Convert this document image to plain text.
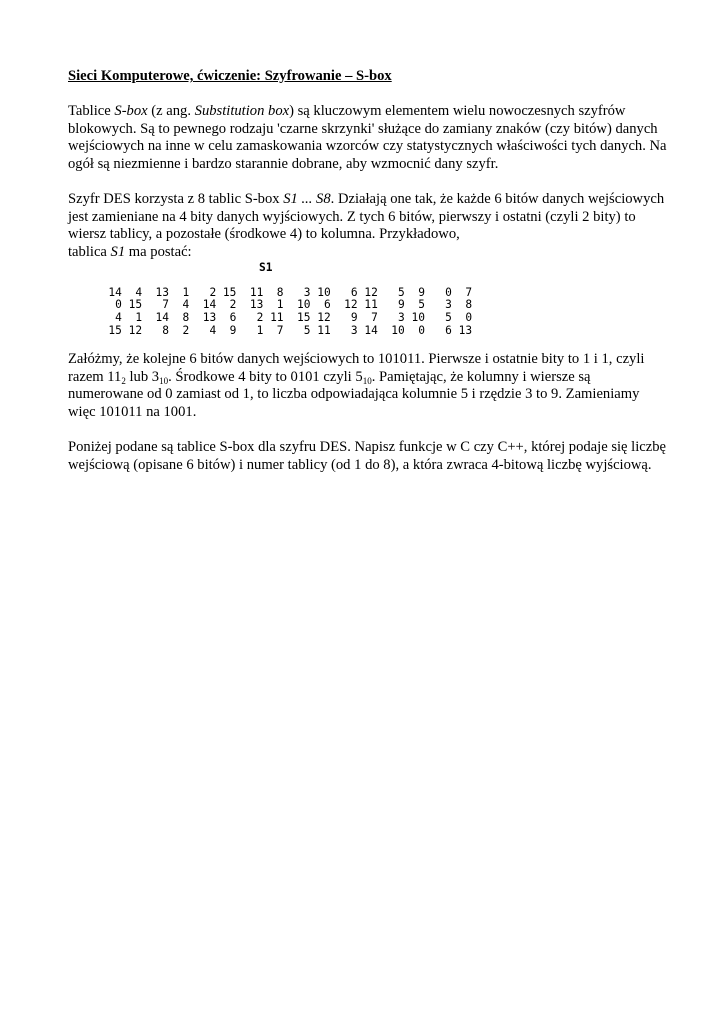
Sieci Komputerowe, ćwiczenie: Szyfrowanie – S-box

Tablice S-box (z ang. Substitution box) są kluczowym elementem wielu nowoczesnych szyfrów blokowych. Są to pewnego rodzaju 'czarne skrzynki' służące do zamiany znaków (czy bitów) danych wejściowych na inne w celu zamaskowania wzorców czy statystycznych właściwości tych danych. Na ogół są niezmienne i bardzo starannie dobrane, aby wzmocnić dany szyfr.

Szyfr DES korzysta z 8 tablic S-box S1 ... S8. Działają one tak, że każde 6 bitów danych wejściowych jest zamieniane na 4 bity danych wyjściowych. Z tych 6 bitów, pierwszy i ostatni (czyli 2 bity) to wiersz tablicy, a pozostałe (środkowe 4) to kolumna. Przykładowo,
tablica S1 ma postać:

S1
14  4  13  1   2 15  11  8   3 10   6 12   5  9   0  7
0 15   7  4  14  2  13  1  10  6  12 11   9  5   3  8
4  1  14  8  13  6   2 11  15 12   9  7   3 10   5  0
15 12   8  2   4  9   1  7   5 11   3 14  10  0   6 13

Załóżmy, że kolejne 6 bitów danych wejściowych to 101011. Pierwsze i ostatnie bity to 1 i 1, czyli razem $11_2$ lub $3_{10}$. Środkowe 4 bity to 0101 czyli $5_{10}$. Pamiętając, że kolumny i wiersze są numerowane od 0 zamiast od 1, to liczba odpowiadająca kolumnie 5 i rzędzie 3 to 9. Zamieniamy więc 101011 na 1001.

Poniżej podane są tablice S-box dla szyfru DES. Napisz funkcje w C czy C++, której podaje się liczbę wejściową (opisane 6 bitów) i numer tablicy (od 1 do 8), a która zwraca 4-bitową liczbę wyjściową.
